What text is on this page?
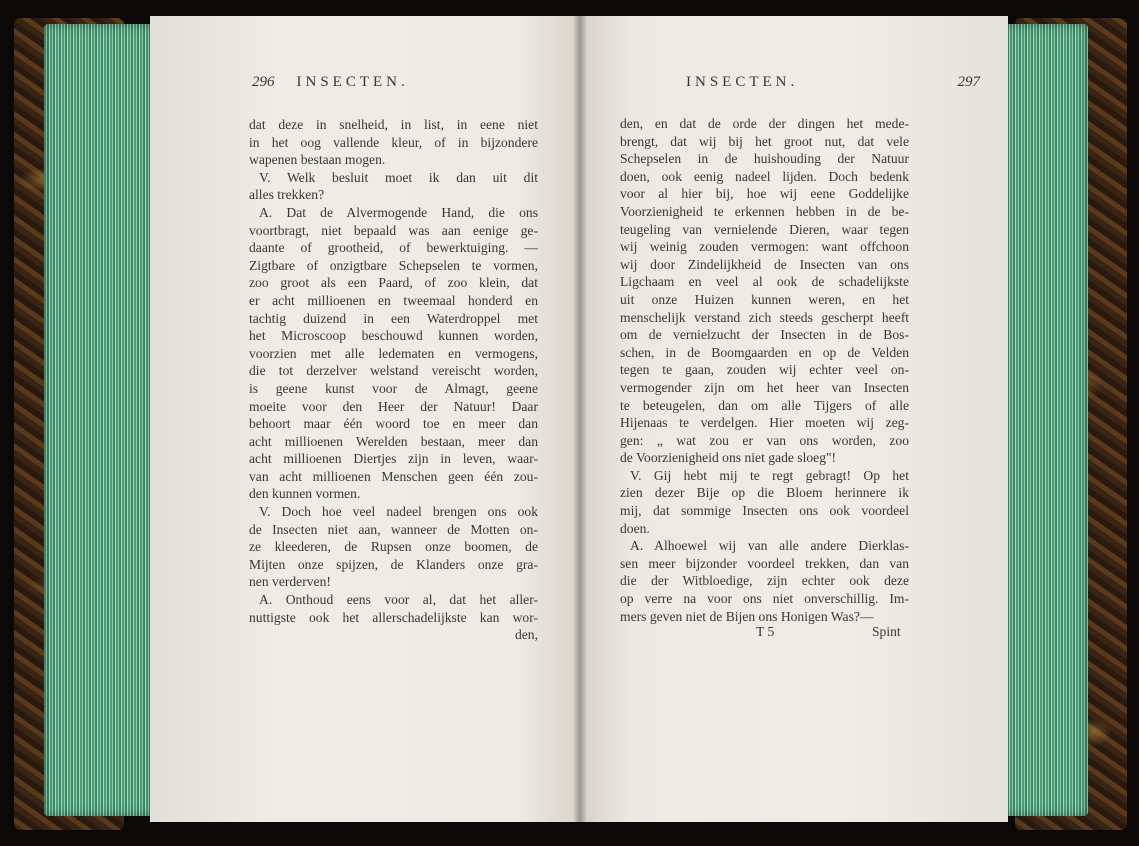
296 INSECTEN.
dat deze in snelheid, in list, in eene niet
in het oog vallende kleur, of in bijzondere
wapenen bestaan mogen.
V. Welk besluit moet ik dan uit dit
alles trekken?
A. Dat de Alvermogende Hand, die ons
voortbragt, niet bepaald was aan eenige ge-
daante of grootheid, of bewerktuiging. —
Zigtbare of onzigtbare Schepselen te vormen,
zoo groot als een Paard, of zoo klein, dat
er acht millioenen en tweemaal honderd en
tachtig duizend in een Waterdroppel met
het Microscoop beschouwd kunnen worden,
voorzien met alle ledematen en vermogens,
die tot derzelver welstand vereischt worden,
is geene kunst voor de Almagt, geene
moeite voor den Heer der Natuur! Daar
behoort maar één woord toe en meer dan
acht millioenen Werelden bestaan, meer dan
acht millioenen Diertjes zijn in leven, waar-
van acht millioenen Menschen geen één zou-
den kunnen vormen.
V. Doch hoe veel nadeel brengen ons ook
de Insecten niet aan, wanneer de Motten on-
ze kleederen, de Rupsen onze boomen, de
Mijten onze spijzen, de Klanders onze gra-
nen verderven!
A. Onthoud eens voor al, dat het aller-
nuttigste ook het allerschadelijkste kan wor-
den,
INSECTEN.	297
den, en dat de orde der dingen het mede-
brengt, dat wij bij het groot nut, dat vele
Schepselen in de huishouding der Natuur
doen, ook eenig nadeel lijden. Doch bedenk
voor al hier bij, hoe wij eene Goddelijke
Voorzienigheid te erkennen hebben in de be-
teugeling van vernielende Dieren, waar tegen
wij weinig zouden vermogen: want offchoon
wij door Zindelijkheid de Insecten van ons
Ligchaam en veel al ook de schadelijkste
uit onze Huizen kunnen weren, en het
menschelijk verstand zich steeds gescherpt heeft
om de vernielzucht der Insecten in de Bos-
schen, in de Boomgaarden en op de Velden
tegen te gaan, zouden wij echter veel on-
vermogender zijn om het heer van Insecten
te beteugelen, dan om alle Tijgers of alle
Hijenaas te verdelgen. Hier moeten wij zeg-
gen: „ wat zou er van ons worden, zoo
de Voorzienigheid ons niet gade sloeg"!
V. Gij hebt mij te regt gebragt! Op het
zien dezer Bije op die Bloem herinnere ik
mij, dat sommige Insecten ons ook voordeel
doen.
A. Alhoewel wij van alle andere Dierklas-
sen meer bijzonder voordeel trekken, dan van
die der Witbloedige, zijn echter ook deze
op verre na voor ons niet onverschillig. Im-
mers geven niet de Bijen ons Honigen Was?—
T 5	Spint
